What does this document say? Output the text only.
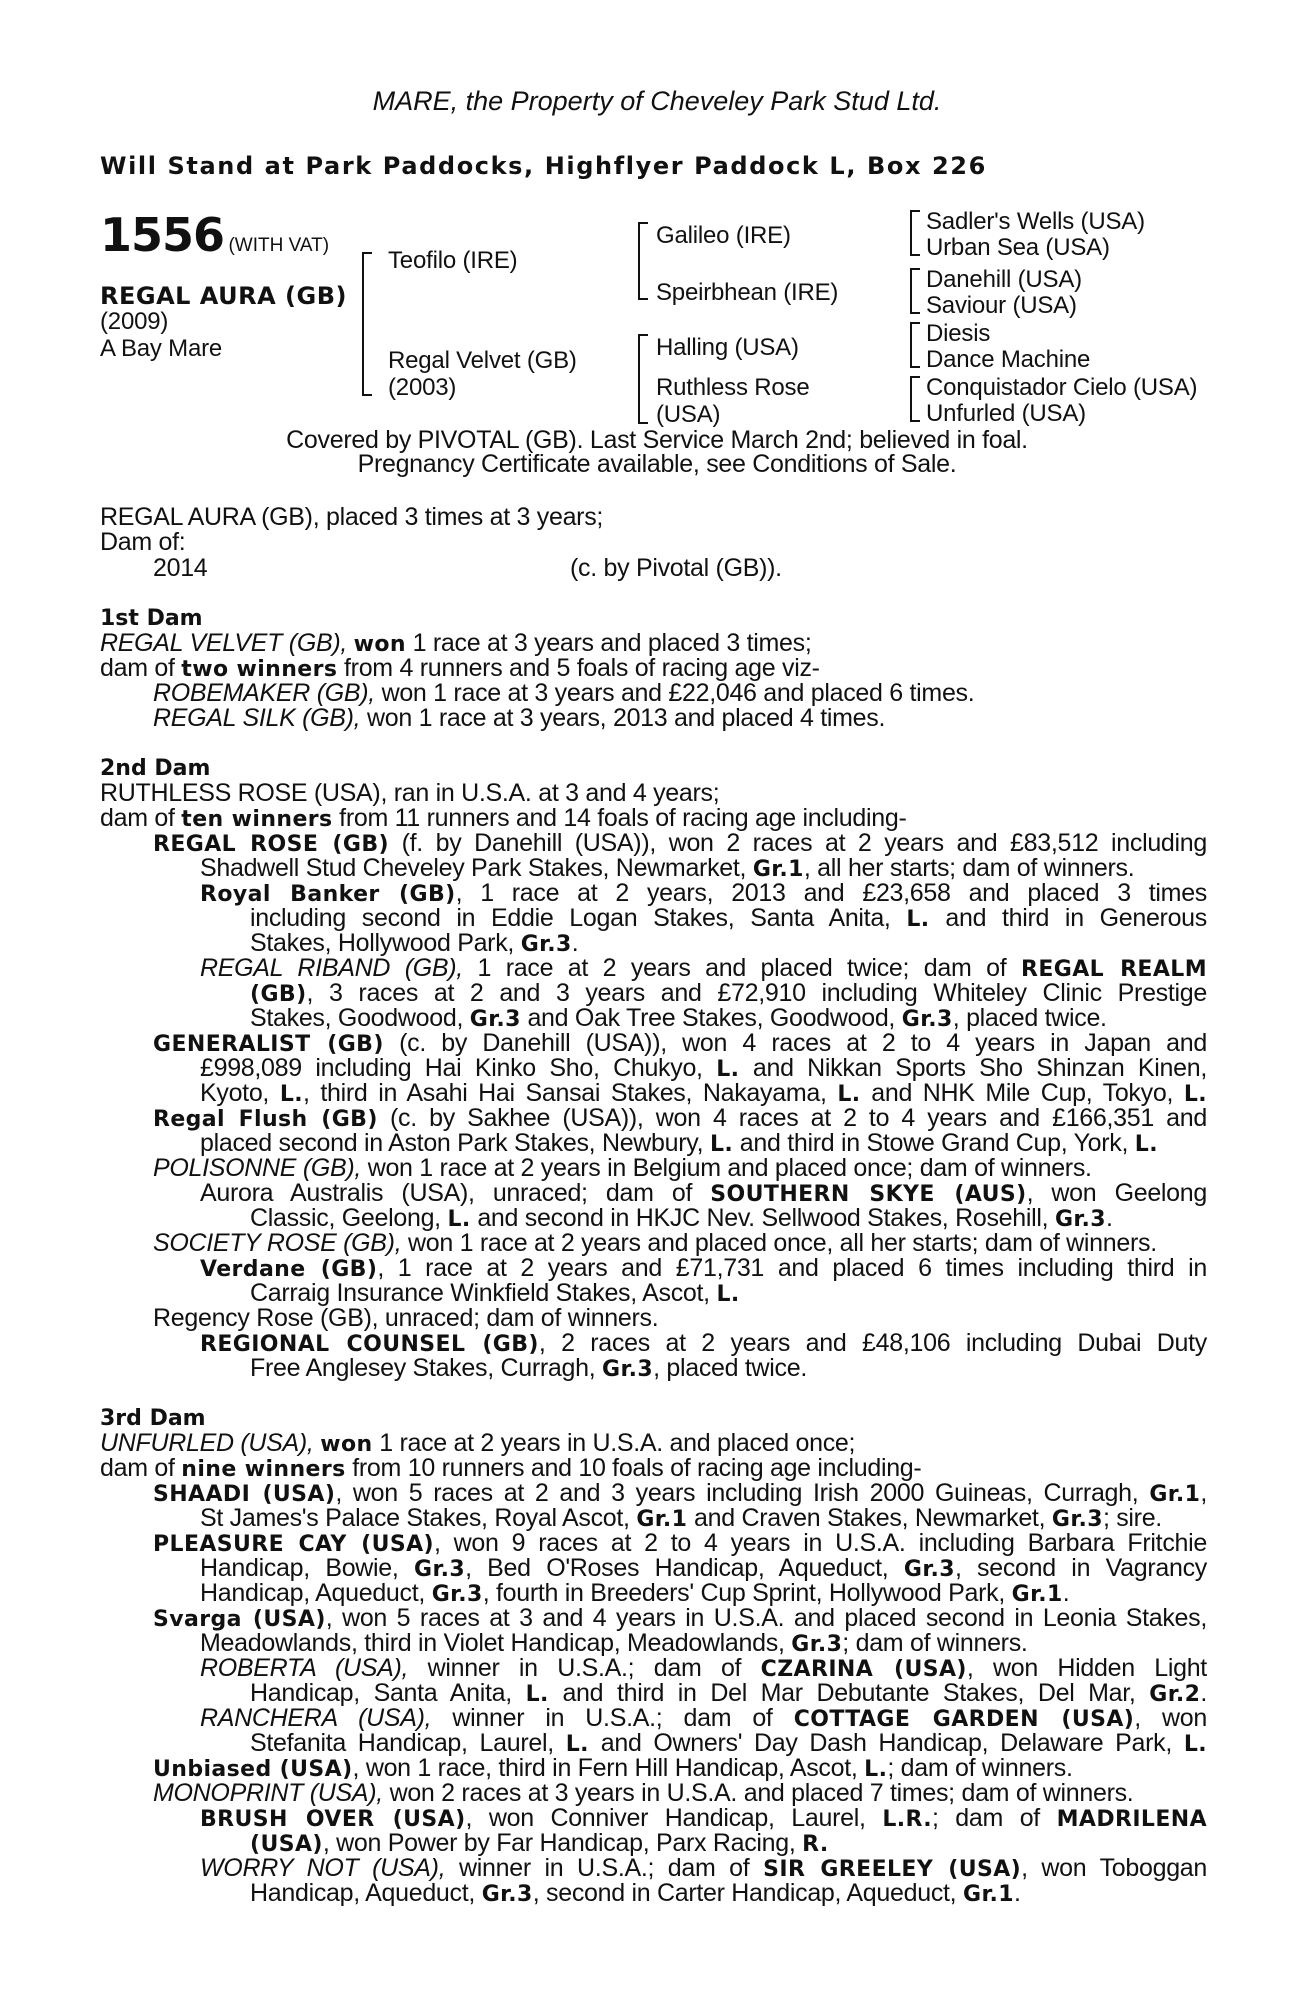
MARE, the Property of Cheveley Park Stud Ltd.
Will Stand at Park Paddocks, Highflyer Paddock L, Box 226
1556 (WITH VAT)
REGAL AURA (GB)
(2009)
A Bay Mare
Teofilo (IRE)
Regal Velvet (GB)
(2003)
Galileo (IRE)
Speirbhean (IRE)
Halling (USA)
Ruthless Rose
(USA)
Sadler's Wells (USA)
Urban Sea (USA)
Danehill (USA)
Saviour (USA)
Diesis
Dance Machine
Conquistador Cielo (USA)
Unfurled (USA)
Covered by PIVOTAL (GB). Last Service March 2nd; believed in foal.
Pregnancy Certificate available, see Conditions of Sale.
REGAL AURA (GB), placed 3 times at 3 years;
Dam of:
2014	(c. by Pivotal (GB)).
1st Dam
REGAL VELVET (GB), won 1 race at 3 years and placed 3 times;
dam of two winners from 4 runners and 5 foals of racing age viz-
ROBEMAKER (GB), won 1 race at 3 years and £22,046 and placed 6 times.
REGAL SILK (GB), won 1 race at 3 years, 2013 and placed 4 times.
2nd Dam
RUTHLESS ROSE (USA), ran in U.S.A. at 3 and 4 years;
dam of ten winners from 11 runners and 14 foals of racing age including-
REGAL ROSE (GB) (f. by Danehill (USA)), won 2 races at 2 years and £83,512 including
Shadwell Stud Cheveley Park Stakes, Newmarket, Gr.1, all her starts; dam of winners.
Royal Banker (GB), 1 race at 2 years, 2013 and £23,658 and placed 3 times
including second in Eddie Logan Stakes, Santa Anita, L. and third in Generous
Stakes, Hollywood Park, Gr.3.
REGAL RIBAND (GB), 1 race at 2 years and placed twice; dam of REGAL REALM
(GB), 3 races at 2 and 3 years and £72,910 including Whiteley Clinic Prestige
Stakes, Goodwood, Gr.3 and Oak Tree Stakes, Goodwood, Gr.3, placed twice.
GENERALIST (GB) (c. by Danehill (USA)), won 4 races at 2 to 4 years in Japan and
£998,089 including Hai Kinko Sho, Chukyo, L. and Nikkan Sports Sho Shinzan Kinen,
Kyoto, L., third in Asahi Hai Sansai Stakes, Nakayama, L. and NHK Mile Cup, Tokyo, L.
Regal Flush (GB) (c. by Sakhee (USA)), won 4 races at 2 to 4 years and £166,351 and
placed second in Aston Park Stakes, Newbury, L. and third in Stowe Grand Cup, York, L.
POLISONNE (GB), won 1 race at 2 years in Belgium and placed once; dam of winners.
Aurora Australis (USA), unraced; dam of SOUTHERN SKYE (AUS), won Geelong
Classic, Geelong, L. and second in HKJC Nev. Sellwood Stakes, Rosehill, Gr.3.
SOCIETY ROSE (GB), won 1 race at 2 years and placed once, all her starts; dam of winners.
Verdane (GB), 1 race at 2 years and £71,731 and placed 6 times including third in
Carraig Insurance Winkfield Stakes, Ascot, L.
Regency Rose (GB), unraced; dam of winners.
REGIONAL COUNSEL (GB), 2 races at 2 years and £48,106 including Dubai Duty
Free Anglesey Stakes, Curragh, Gr.3, placed twice.
3rd Dam
UNFURLED (USA), won 1 race at 2 years in U.S.A. and placed once;
dam of nine winners from 10 runners and 10 foals of racing age including-
SHAADI (USA), won 5 races at 2 and 3 years including Irish 2000 Guineas, Curragh, Gr.1,
St James's Palace Stakes, Royal Ascot, Gr.1 and Craven Stakes, Newmarket, Gr.3; sire.
PLEASURE CAY (USA), won 9 races at 2 to 4 years in U.S.A. including Barbara Fritchie
Handicap, Bowie, Gr.3, Bed O'Roses Handicap, Aqueduct, Gr.3, second in Vagrancy
Handicap, Aqueduct, Gr.3, fourth in Breeders' Cup Sprint, Hollywood Park, Gr.1.
Svarga (USA), won 5 races at 3 and 4 years in U.S.A. and placed second in Leonia Stakes,
Meadowlands, third in Violet Handicap, Meadowlands, Gr.3; dam of winners.
ROBERTA (USA), winner in U.S.A.; dam of CZARINA (USA), won Hidden Light
Handicap, Santa Anita, L. and third in Del Mar Debutante Stakes, Del Mar, Gr.2.
RANCHERA (USA), winner in U.S.A.; dam of COTTAGE GARDEN (USA), won
Stefanita Handicap, Laurel, L. and Owners' Day Dash Handicap, Delaware Park, L.
Unbiased (USA), won 1 race, third in Fern Hill Handicap, Ascot, L.; dam of winners.
MONOPRINT (USA), won 2 races at 3 years in U.S.A. and placed 7 times; dam of winners.
BRUSH OVER (USA), won Conniver Handicap, Laurel, L.R.; dam of MADRILENA
(USA), won Power by Far Handicap, Parx Racing, R.
WORRY NOT (USA), winner in U.S.A.; dam of SIR GREELEY (USA), won Toboggan
Handicap, Aqueduct, Gr.3, second in Carter Handicap, Aqueduct, Gr.1.
